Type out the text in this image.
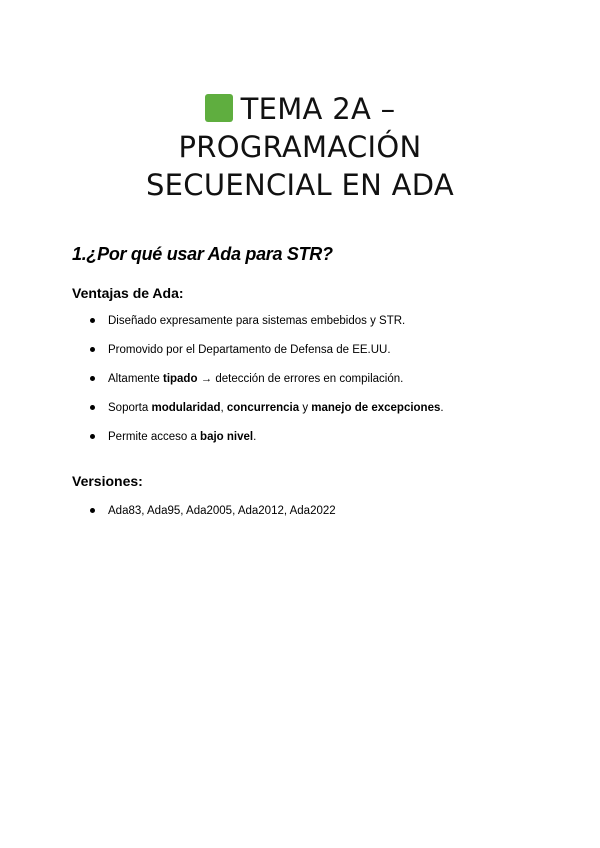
TEMA 2A –
PROGRAMACIÓN
SECUENCIAL EN ADA
1.¿Por qué usar Ada para STR?
Ventajas de Ada:
Diseñado expresamente para sistemas embebidos y STR.
Promovido por el Departamento de Defensa de EE.UU.
Altamente tipado → detección de errores en compilación.
Soporta modularidad, concurrencia y manejo de excepciones.
Permite acceso a bajo nivel.
Versiones:
Ada83, Ada95, Ada2005, Ada2012, Ada2022
